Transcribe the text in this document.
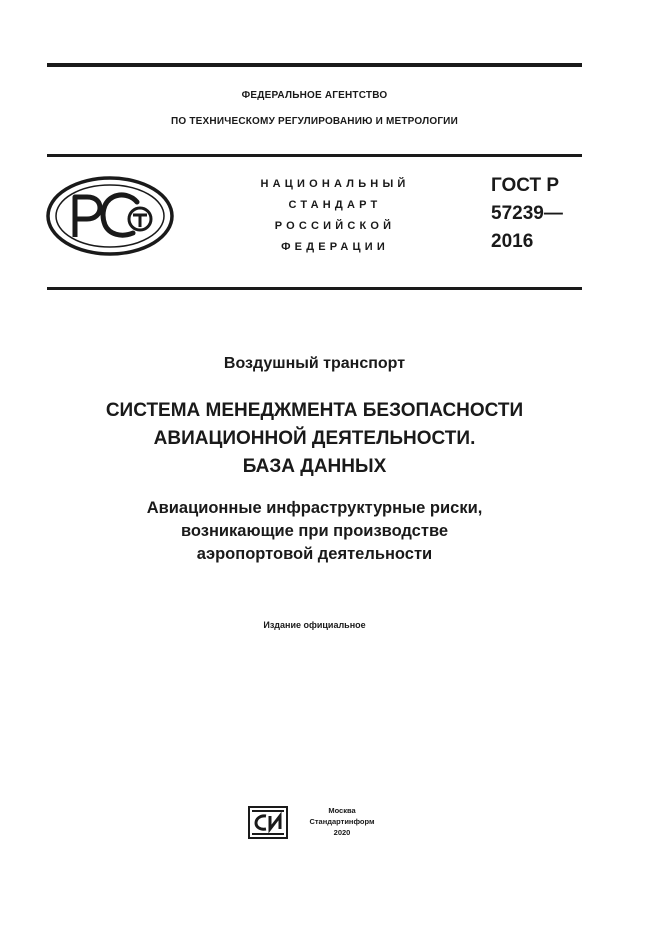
ФЕДЕРАЛЬНОЕ АГЕНТСТВО
ПО ТЕХНИЧЕСКОМУ РЕГУЛИРОВАНИЮ И МЕТРОЛОГИИ
НАЦИОНАЛЬНЫЙ
СТАНДАРТ
РОССИЙСКОЙ
ФЕДЕРАЦИИ
ГОСТ Р
57239—
2016
Воздушный транспорт
СИСТЕМА МЕНЕДЖМЕНТА БЕЗОПАСНОСТИ
АВИАЦИОННОЙ ДЕЯТЕЛЬНОСТИ.
БАЗА ДАННЫХ
Авиационные инфраструктурные риски,
возникающие при производстве
аэропортовой деятельности
Издание официальное
Москва
Стандартинформ
2020
